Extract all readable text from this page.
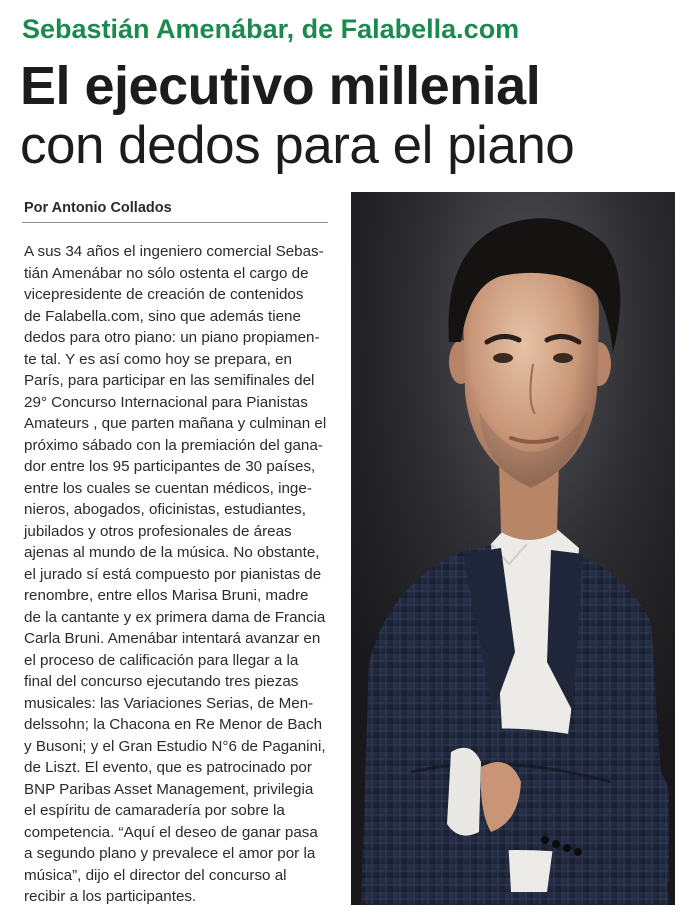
Sebastián Amenábar, de Falabella.com
El ejecutivo millenial
con dedos para el piano
Por Antonio Collados
A sus 34 años el ingeniero comercial Sebas-
tián Amenábar no sólo ostenta el cargo de
vicepresidente de creación de contenidos
de Falabella.com, sino que además tiene
dedos para otro piano: un piano propiamen-
te tal. Y es así como hoy se prepara, en
París, para participar en las semifinales del
29° Concurso Internacional para Pianistas
Amateurs , que parten mañana y culminan el
próximo sábado con la premiación del gana-
dor entre los 95 participantes de 30 países,
entre los cuales se cuentan médicos, inge-
nieros, abogados, oficinistas, estudiantes,
jubilados y otros profesionales de áreas
ajenas al mundo de la música. No obstante,
el jurado sí está compuesto por pianistas de
renombre, entre ellos Marisa Bruni, madre
de la cantante y ex primera dama de Francia
Carla Bruni. Amenábar intentará avanzar en
el proceso de calificación para llegar a la
final del concurso ejecutando tres piezas
musicales: las Variaciones Serias, de Men-
delssohn; la Chacona en Re Menor de Bach
y Busoni; y el Gran Estudio N°6 de Paganini,
de Liszt. El evento, que es patrocinado por
BNP Paribas Asset Management, privilegia
el espíritu de camaradería por sobre la
competencia. “Aquí el deseo de ganar pasa
a segundo plano y prevalece el amor por la
música”, dijo el director del concurso al
recibir a los participantes.
